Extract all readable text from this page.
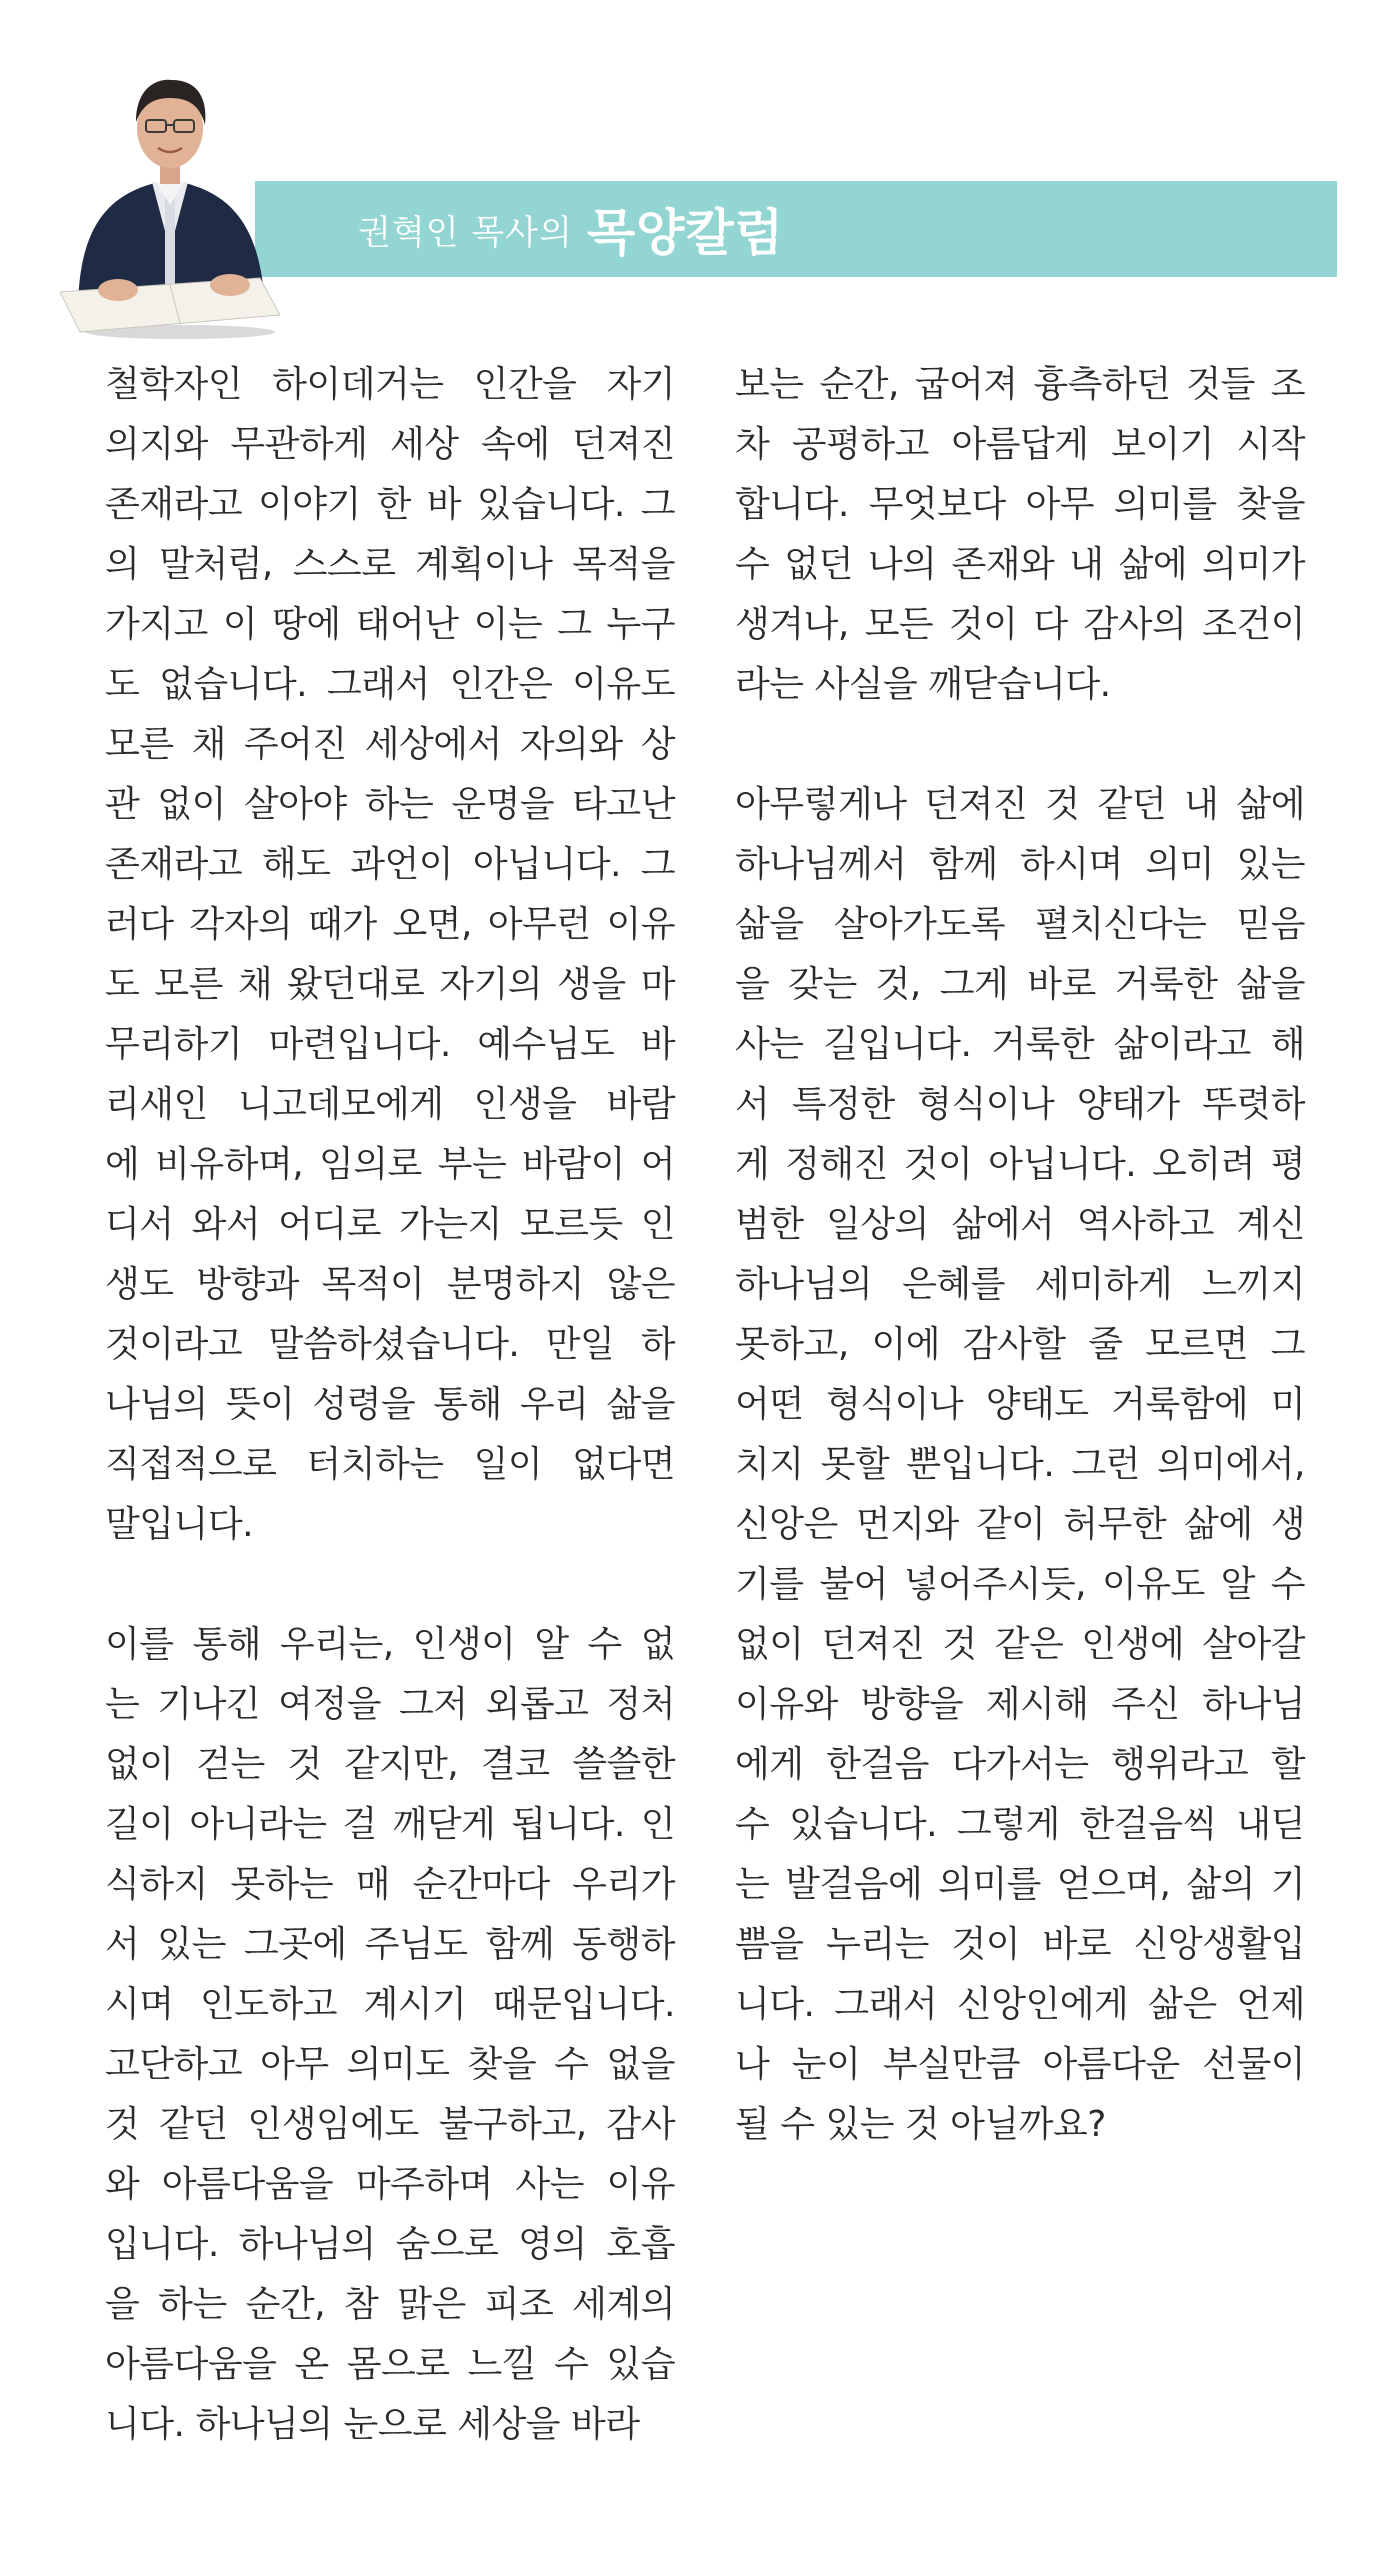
권혁인 목사의 목양칼럼
철학자인 하이데거는 인간을 자기
의지와 무관하게 세상 속에 던져진
존재라고 이야기 한 바 있습니다. 그
의 말처럼, 스스로 계획이나 목적을
가지고 이 땅에 태어난 이는 그 누구
도 없습니다. 그래서 인간은 이유도
모른 채 주어진 세상에서 자의와 상
관 없이 살아야 하는 운명을 타고난
존재라고 해도 과언이 아닙니다. 그
러다 각자의 때가 오면, 아무런 이유
도 모른 채 왔던대로 자기의 생을 마
무리하기 마련입니다. 예수님도 바
리새인 니고데모에게 인생을 바람
에 비유하며, 임의로 부는 바람이 어
디서 와서 어디로 가는지 모르듯 인
생도 방향과 목적이 분명하지 않은
것이라고 말씀하셨습니다. 만일 하
나님의 뜻이 성령을 통해 우리 삶을
직접적으로 터치하는 일이 없다면
말입니다.
이를 통해 우리는, 인생이 알 수 없
는 기나긴 여정을 그저 외롭고 정처
없이 걷는 것 같지만, 결코 쓸쓸한
길이 아니라는 걸 깨닫게 됩니다. 인
식하지 못하는 매 순간마다 우리가
서 있는 그곳에 주님도 함께 동행하
시며 인도하고 계시기 때문입니다.
고단하고 아무 의미도 찾을 수 없을
것 같던 인생임에도 불구하고, 감사
와 아름다움을 마주하며 사는 이유
입니다. 하나님의 숨으로 영의 호흡
을 하는 순간, 참 맑은 피조 세계의
아름다움을 온 몸으로 느낄 수 있습
니다. 하나님의 눈으로 세상을 바라
보는 순간, 굽어져 흉측하던 것들 조
차 공평하고 아름답게 보이기 시작
합니다. 무엇보다 아무 의미를 찾을
수 없던 나의 존재와 내 삶에 의미가
생겨나, 모든 것이 다 감사의 조건이
라는 사실을 깨닫습니다.
아무렇게나 던져진 것 같던 내 삶에
하나님께서 함께 하시며 의미 있는
삶을 살아가도록 펼치신다는 믿음
을 갖는 것, 그게 바로 거룩한 삶을
사는 길입니다. 거룩한 삶이라고 해
서 특정한 형식이나 양태가 뚜렷하
게 정해진 것이 아닙니다. 오히려 평
범한 일상의 삶에서 역사하고 계신
하나님의 은혜를 세미하게 느끼지
못하고, 이에 감사할 줄 모르면 그
어떤 형식이나 양태도 거룩함에 미
치지 못할 뿐입니다. 그런 의미에서,
신앙은 먼지와 같이 허무한 삶에 생
기를 불어 넣어주시듯, 이유도 알 수
없이 던져진 것 같은 인생에 살아갈
이유와 방향을 제시해 주신 하나님
에게 한걸음 다가서는 행위라고 할
수 있습니다. 그렇게 한걸음씩 내딛
는 발걸음에 의미를 얻으며, 삶의 기
쁨을 누리는 것이 바로 신앙생활입
니다. 그래서 신앙인에게 삶은 언제
나 눈이 부실만큼 아름다운 선물이
될 수 있는 것 아닐까요?
